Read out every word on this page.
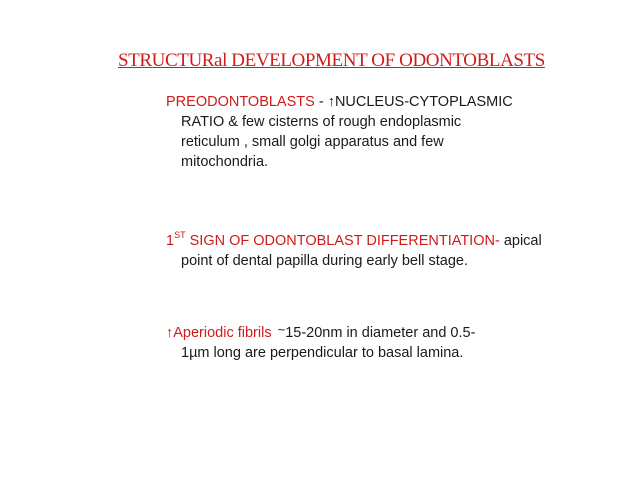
STRUCTURal DEVELOPMENT OF ODONTOBLASTS
PREODONTOBLASTS - ↑NUCLEUS-CYTOPLASMIC
RATIO & few cisterns of rough endoplasmic
reticulum , small golgi apparatus and few
mitochondria.
1ST SIGN OF ODONTOBLAST DIFFERENTIATION- apical
point of dental papilla during early bell stage.
↑Aperiodic fibrils ~15-20nm in diameter and 0.5-
1µm long are perpendicular to basal lamina.
